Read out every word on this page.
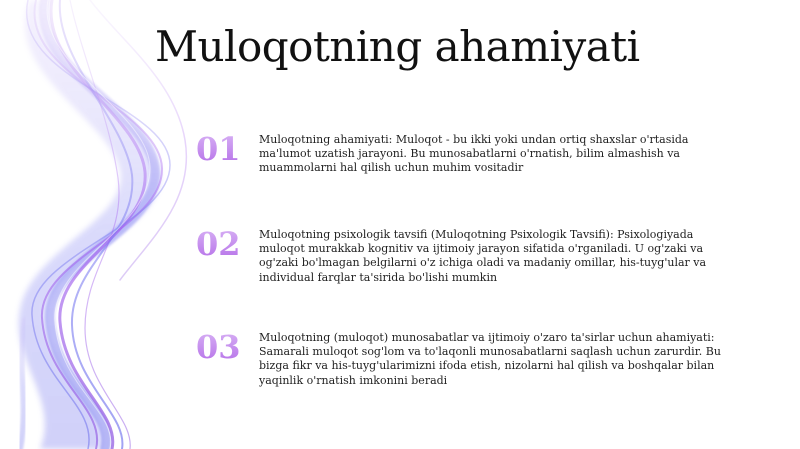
Muloqotning ahamiyati
01	Muloqotning ahamiyati: Muloqot - bu ikki yoki undan ortiq shaxslar o'rtasida ma'lumot uzatish jarayoni. Bu munosabatlarni o'rnatish, bilim almashish va muammolarni hal qilish uchun muhim vositadir
02	Muloqotning psixologik tavsifi (Muloqotning Psixologik Tavsifi): Psixologiyada muloqot murakkab kognitiv va ijtimoiy jarayon sifatida o'rganiladi. U og'zaki va og'zaki bo'lmagan belgilarni o'z ichiga oladi va madaniy omillar, his-tuyg'ular va individual farqlar ta'sirida bo'lishi mumkin
03	Muloqotning (muloqot) munosabatlar va ijtimoiy o'zaro ta'sirlar uchun ahamiyati: Samarali muloqot sog'lom va to'laqonli munosabatlarni saqlash uchun zarurdir. Bu bizga fikr va his-tuyg'ularimizni ifoda etish, nizolarni hal qilish va boshqalar bilan yaqinlik o'rnatish imkonini beradi
